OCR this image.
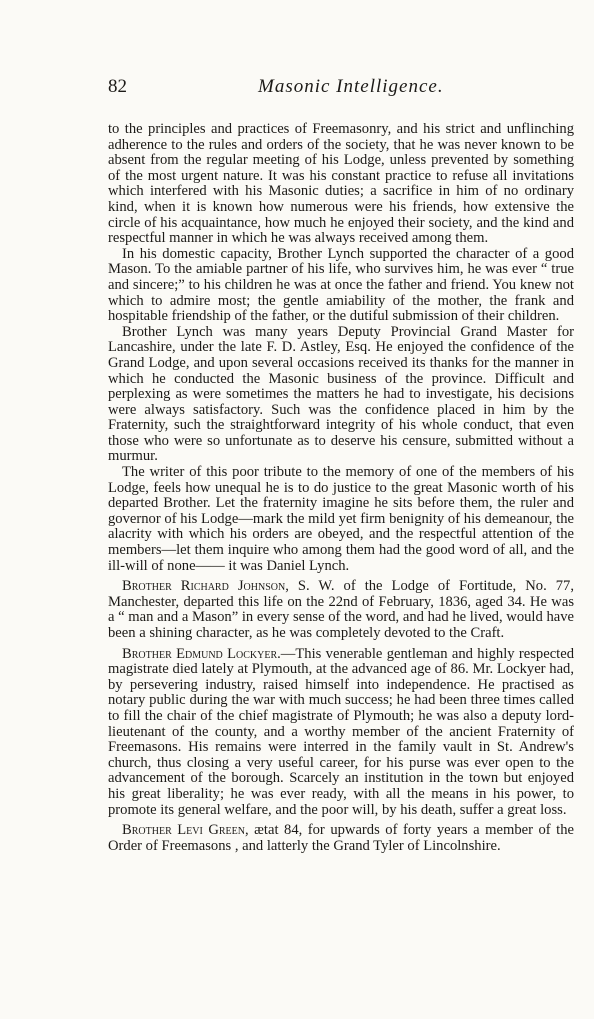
82	Masonic Intelligence.

to the principles and practices of Freemasonry, and his strict and unflinching adherence to the rules and orders of the society, that he was never known to be absent from the regular meeting of his Lodge, unless prevented by something of the most urgent nature. It was his constant practice to refuse all invitations which interfered with his Masonic duties; a sacrifice in him of no ordinary kind, when it is known how numerous were his friends, how extensive the circle of his acquaintance, how much he enjoyed their society, and the kind and respectful manner in which he was always received among them.

In his domestic capacity, Brother Lynch supported the character of a good Mason. To the amiable partner of his life, who survives him, he was ever “ true and sincere;” to his children he was at once the father and friend. You knew not which to admire most; the gentle amiability of the mother, the frank and hospitable friendship of the father, or the dutiful submission of their children.

Brother Lynch was many years Deputy Provincial Grand Master for Lancashire, under the late F. D. Astley, Esq. He enjoyed the confidence of the Grand Lodge, and upon several occasions received its thanks for the manner in which he conducted the Masonic business of the province. Difficult and perplexing as were sometimes the matters he had to investigate, his decisions were always satisfactory. Such was the confidence placed in him by the Fraternity, such the straightforward integrity of his whole conduct, that even those who were so unfortunate as to deserve his censure, submitted without a murmur.

The writer of this poor tribute to the memory of one of the members of his Lodge, feels how unequal he is to do justice to the great Masonic worth of his departed Brother. Let the fraternity imagine he sits before them, the ruler and governor of his Lodge—mark the mild yet firm benignity of his demeanour, the alacrity with which his orders are obeyed, and the respectful attention of the members—let them inquire who among them had the good word of all, and the ill-will of none—— it was Daniel Lynch.

Brother Richard Johnson, S. W. of the Lodge of Fortitude, No. 77, Manchester, departed this life on the 22nd of February, 1836, aged 34. He was a “ man and a Mason” in every sense of the word, and had he lived, would have been a shining character, as he was completely devoted to the Craft.

Brother Edmund Lockyer.—This venerable gentleman and highly respected magistrate died lately at Plymouth, at the advanced age of 86. Mr. Lockyer had, by persevering industry, raised himself into independence. He practised as notary public during the war with much success; he had been three times called to fill the chair of the chief magistrate of Plymouth; he was also a deputy lord-lieutenant of the county, and a worthy member of the ancient Fraternity of Freemasons. His remains were interred in the family vault in St. Andrew's church, thus closing a very useful career, for his purse was ever open to the advancement of the borough. Scarcely an institution in the town but enjoyed his great liberality; he was ever ready, with all the means in his power, to promote its general welfare, and the poor will, by his death, suffer a great loss.

Brother Levi Green, ætat 84, for upwards of forty years a member of the Order of Freemasons , and latterly the Grand Tyler of Lincolnshire.
